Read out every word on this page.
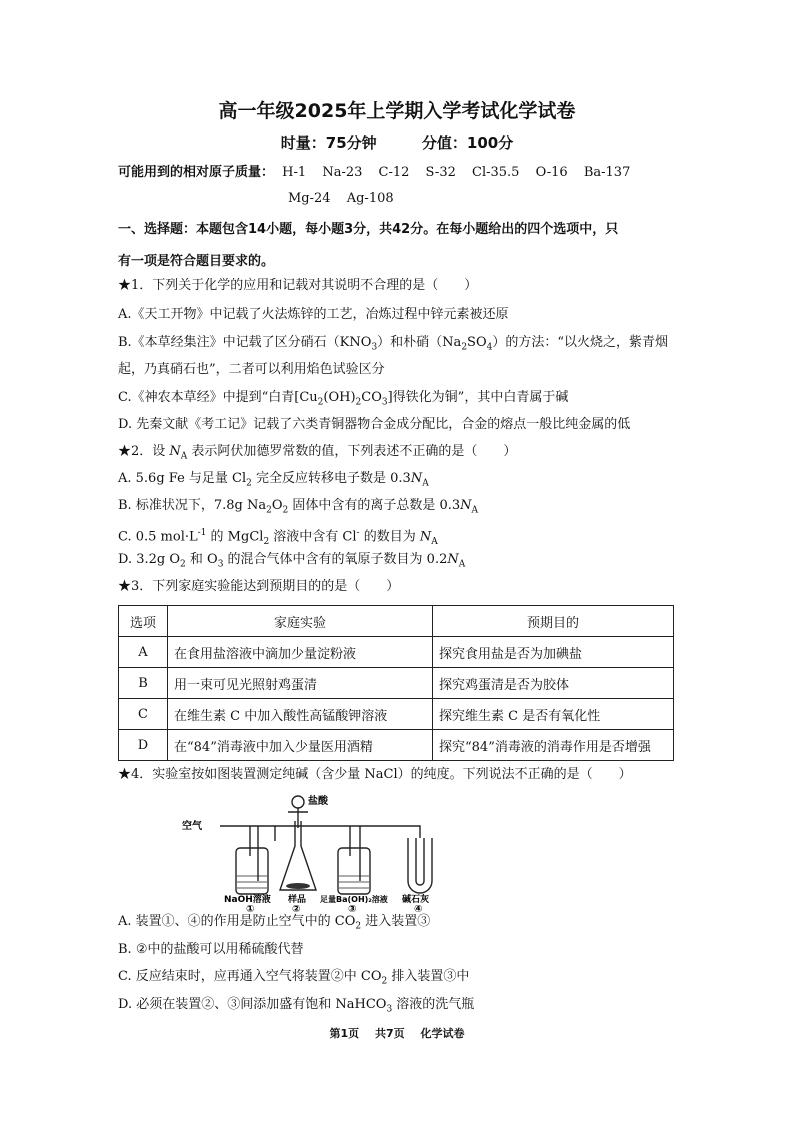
高一年级2025年上学期入学考试化学试卷
时量：75分钟	分值：100分
可能用到的相对原子质量： H-1 Na-23 C-12 S-32 Cl-35.5 O-16 Ba-137
Mg-24 Ag-108
一、选择题：本题包含14小题，每小题3分，共42分。在每小题给出的四个选项中，只
有一项是符合题目要求的。
★1．下列关于化学的应用和记载对其说明不合理的是（　　）
A.《天工开物》中记载了火法炼锌的工艺，冶炼过程中锌元素被还原
B.《本草经集注》中记载了区分硝石$(KNO_3)$和朴硝$(Na_2SO_4)$的方法：“以火烧之，紫青烟
起，乃真硝石也”，二者可以利用焰色试验区分
C.《神农本草经》中提到“白青$[Cu_2(OH)_2CO_3]$得铁化为铜”，其中白青属于碱
D. 先秦文献《考工记》记载了六类青铜器物合金成分配比，合金的熔点一般比纯金属的低
★2．设 $N_A$ 表示阿伏加德罗常数的值，下列表述不正确的是（　　）
A. 5.6g Fe 与足量 $Cl_2$ 完全反应转移电子数是 $0.3N_A$
B. 标准状况下，7.8g $Na_2O_2$ 固体中含有的离子总数是 $0.3N_A$
C. 0.5 $mol\cdot L^{-1}$ 的 MgCl$_2$ 溶液中含有 Cl- 的数目为 $N_A$
D. 3.2g $O_2$ 和 $O_3$ 的混合气体中含有的氧原子数目为 $0.2N_A$
★3．下列家庭实验能达到预期目的的是（　　）
选项	家庭实验	预期目的
A	在食用盐溶液中滴加少量淀粉液	探究食用盐是否为加碘盐
B	用一束可见光照射鸡蛋清	探究鸡蛋清是否为胶体
C	在维生素 C 中加入酸性高锰酸钾溶液	探究维生素 C 是否有氧化性
D	在“84”消毒液中加入少量医用酒精	探究“84”消毒液的消毒作用是否增强
★4．实验室按如图装置测定纯碱（含少量 NaCl）的纯度。下列说法不正确的是（　　）
空气
盐酸
NaOH溶液 样品 足量Ba(OH)₂溶液 碱石灰
①	②	③	④
A. 装置①、④的作用是防止空气中的 $CO_2$ 进入装置③
B. ②中的盐酸可以用稀硫酸代替
C. 反应结束时，应再通入空气将装置②中 $CO_2$ 排入装置③中
D. 必须在装置②、③间添加盛有饱和 NaHCO$_3$ 溶液的洗气瓶
第1页 共7页 化学试卷
